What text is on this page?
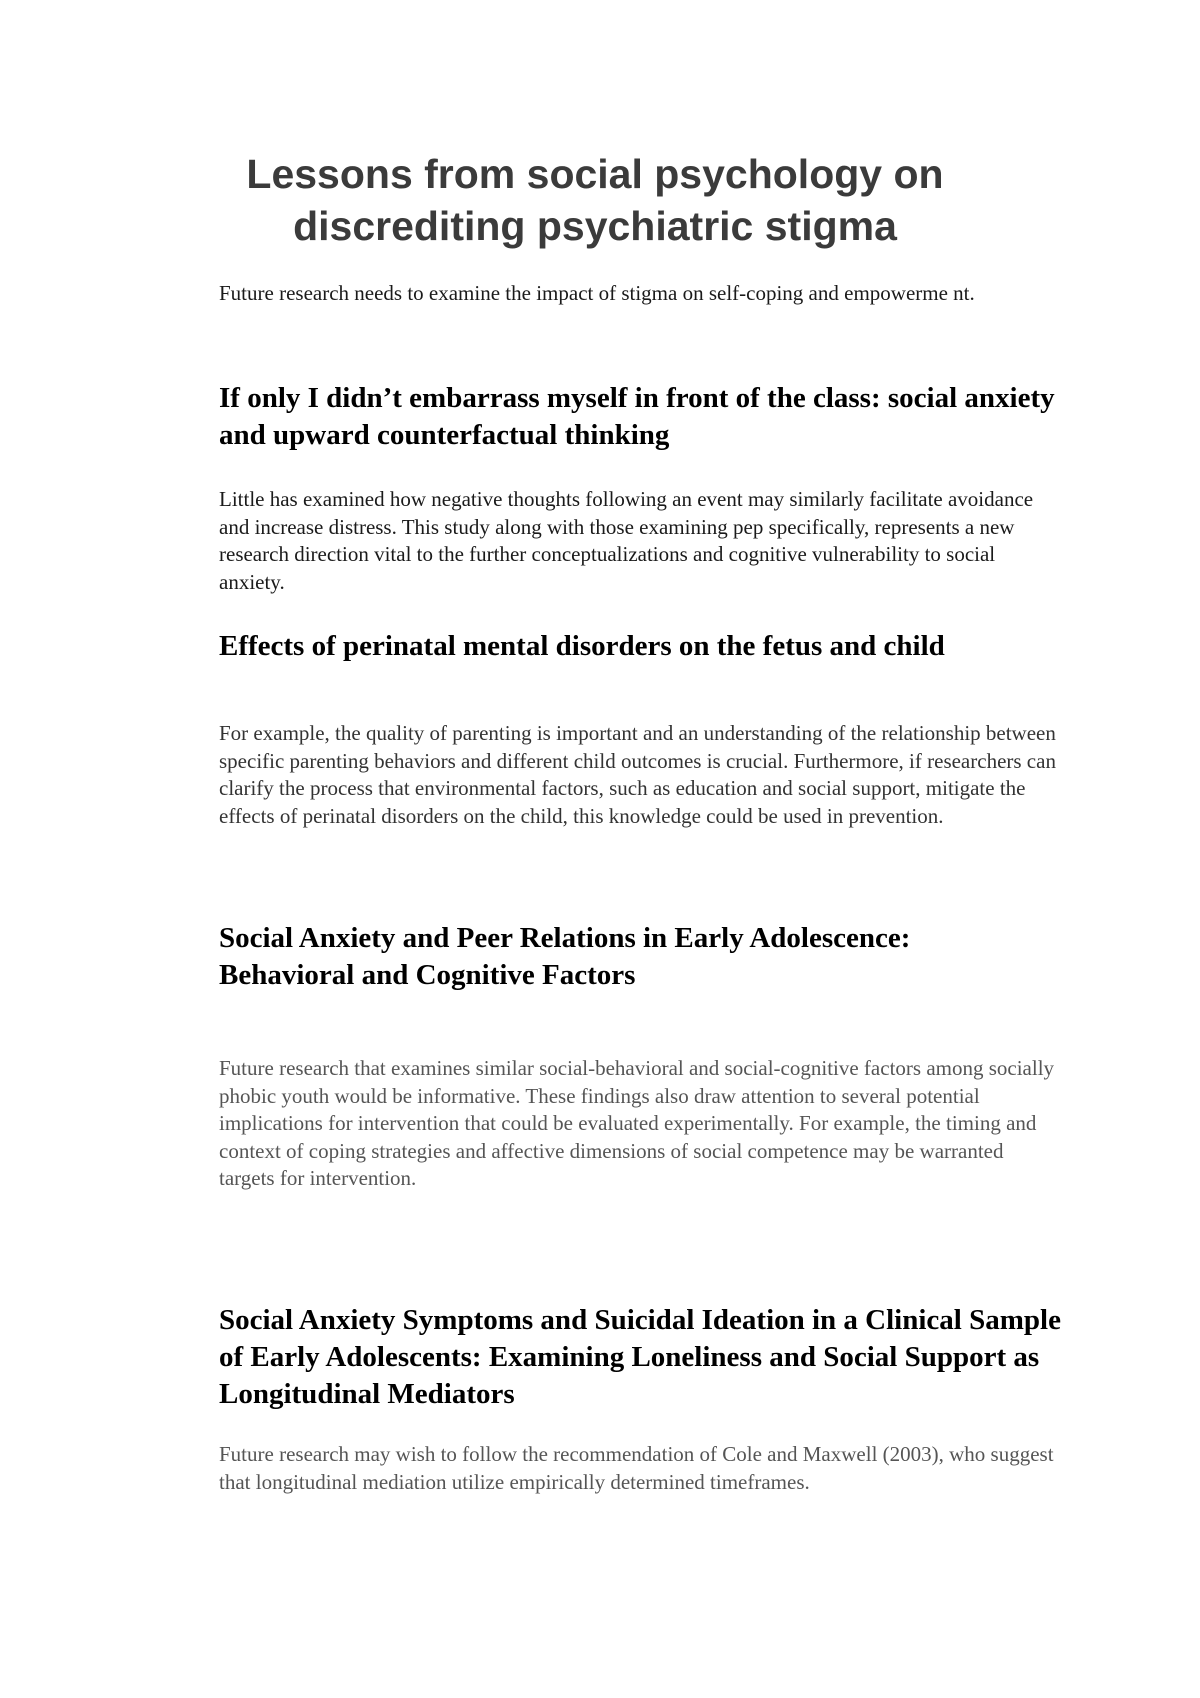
Lessons from social psychology on discrediting psychiatric stigma

Future research needs to examine the impact of stigma on self-coping and empowerme nt.

If only I didn’t embarrass myself in front of the class: social anxiety and upward counterfactual thinking

Little has examined how negative thoughts following an event may similarly facilitate avoidance and increase distress. This study along with those examining pep specifically, represents a new research direction vital to the further conceptualizations and cognitive vulnerability to social anxiety.

Effects of perinatal mental disorders on the fetus and child

For example, the quality of parenting is important and an understanding of the relationship between specific parenting behaviors and different child outcomes is crucial. Furthermore, if researchers can clarify the process that environmental factors, such as education and social support, mitigate the effects of perinatal disorders on the child, this knowledge could be used in prevention.

Social Anxiety and Peer Relations in Early Adolescence: Behavioral and Cognitive Factors

Future research that examines similar social-behavioral and social-cognitive factors among socially phobic youth would be informative. These findings also draw attention to several potential implications for intervention that could be evaluated experimentally. For example, the timing and context of coping strategies and affective dimensions of social competence may be warranted targets for intervention.

Social Anxiety Symptoms and Suicidal Ideation in a Clinical Sample of Early Adolescents: Examining Loneliness and Social Support as Longitudinal Mediators

Future research may wish to follow the recommendation of Cole and Maxwell (2003), who suggest that longitudinal mediation utilize empirically determined timeframes.
